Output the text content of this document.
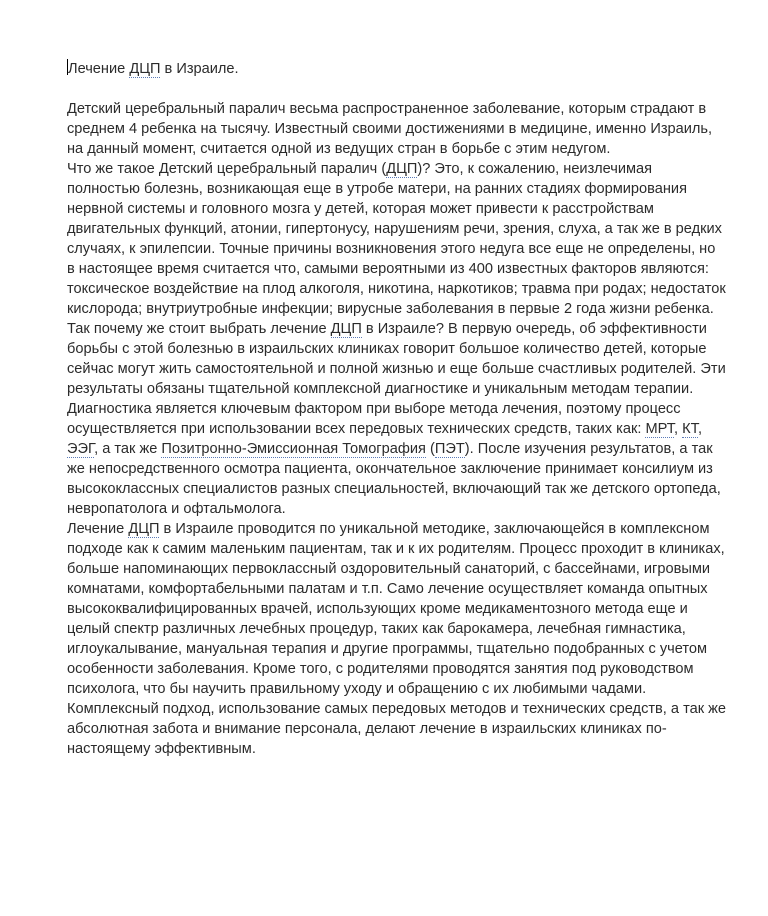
Лечение ДЦП в Израиле.

Детский церебральный паралич весьма распространенное заболевание, которым страдают в среднем 4 ребенка на тысячу. Известный своими достижениями в медицине, именно Израиль, на данный момент, считается одной из ведущих стран в борьбе с этим недугом.

Что же такое Детский церебральный паралич (ДЦП)? Это, к сожалению, неизлечимая полностью болезнь, возникающая еще в утробе матери, на ранних стадиях формирования нервной системы и головного мозга у детей, которая может привести к расстройствам двигательных функций, атонии, гипертонусу, нарушениям речи, зрения, слуха, а так же в редких случаях, к эпилепсии. Точные причины возникновения этого недуга все еще не определены, но в настоящее время считается что, самыми вероятными из 400 известных факторов являются: токсическое воздействие на плод алкоголя, никотина, наркотиков; травма при родах; недостаток кислорода; внутриутробные инфекции; вирусные заболевания в первые 2 года жизни ребенка.

Так почему же стоит выбрать лечение ДЦП в Израиле? В первую очередь, об эффективности борьбы с этой болезнью в израильских клиниках говорит большое количество детей, которые сейчас могут жить самостоятельной и полной жизнью и еще больше счастливых родителей. Эти результаты обязаны тщательной комплексной диагностике и уникальным методам терапии.

Диагностика является ключевым фактором при выборе метода лечения, поэтому процесс осуществляется при использовании всех передовых технических средств, таких как: МРТ, КТ, ЭЭГ, а так же Позитронно-Эмиссионная Томография (ПЭТ). После изучения результатов, а так же непосредственного осмотра пациента, окончательное заключение принимает консилиум из высококлассных специалистов разных специальностей, включающий так же детского ортопеда, невропатолога и офтальмолога.

Лечение ДЦП в Израиле проводится по уникальной методике, заключающейся в комплексном подходе как к самим маленьким пациентам, так и к их родителям. Процесс проходит в клиниках, больше напоминающих первоклассный оздоровительный санаторий, с бассейнами, игровыми комнатами, комфортабельными палатам и т.п. Само лечение осуществляет команда опытных высококвалифицированных врачей, использующих кроме медикаментозного метода еще и целый спектр различных лечебных процедур, таких как барокамера, лечебная гимнастика, иглоукалывание, мануальная терапия и другие программы, тщательно подобранных с учетом особенности заболевания. Кроме того, с родителями проводятся занятия под руководством психолога, что бы научить правильному уходу и обращению с их любимыми чадами.

Комплексный подход, использование самых передовых методов и технических средств, а так же абсолютная забота и внимание персонала, делают лечение в израильских клиниках по-настоящему эффективным.
